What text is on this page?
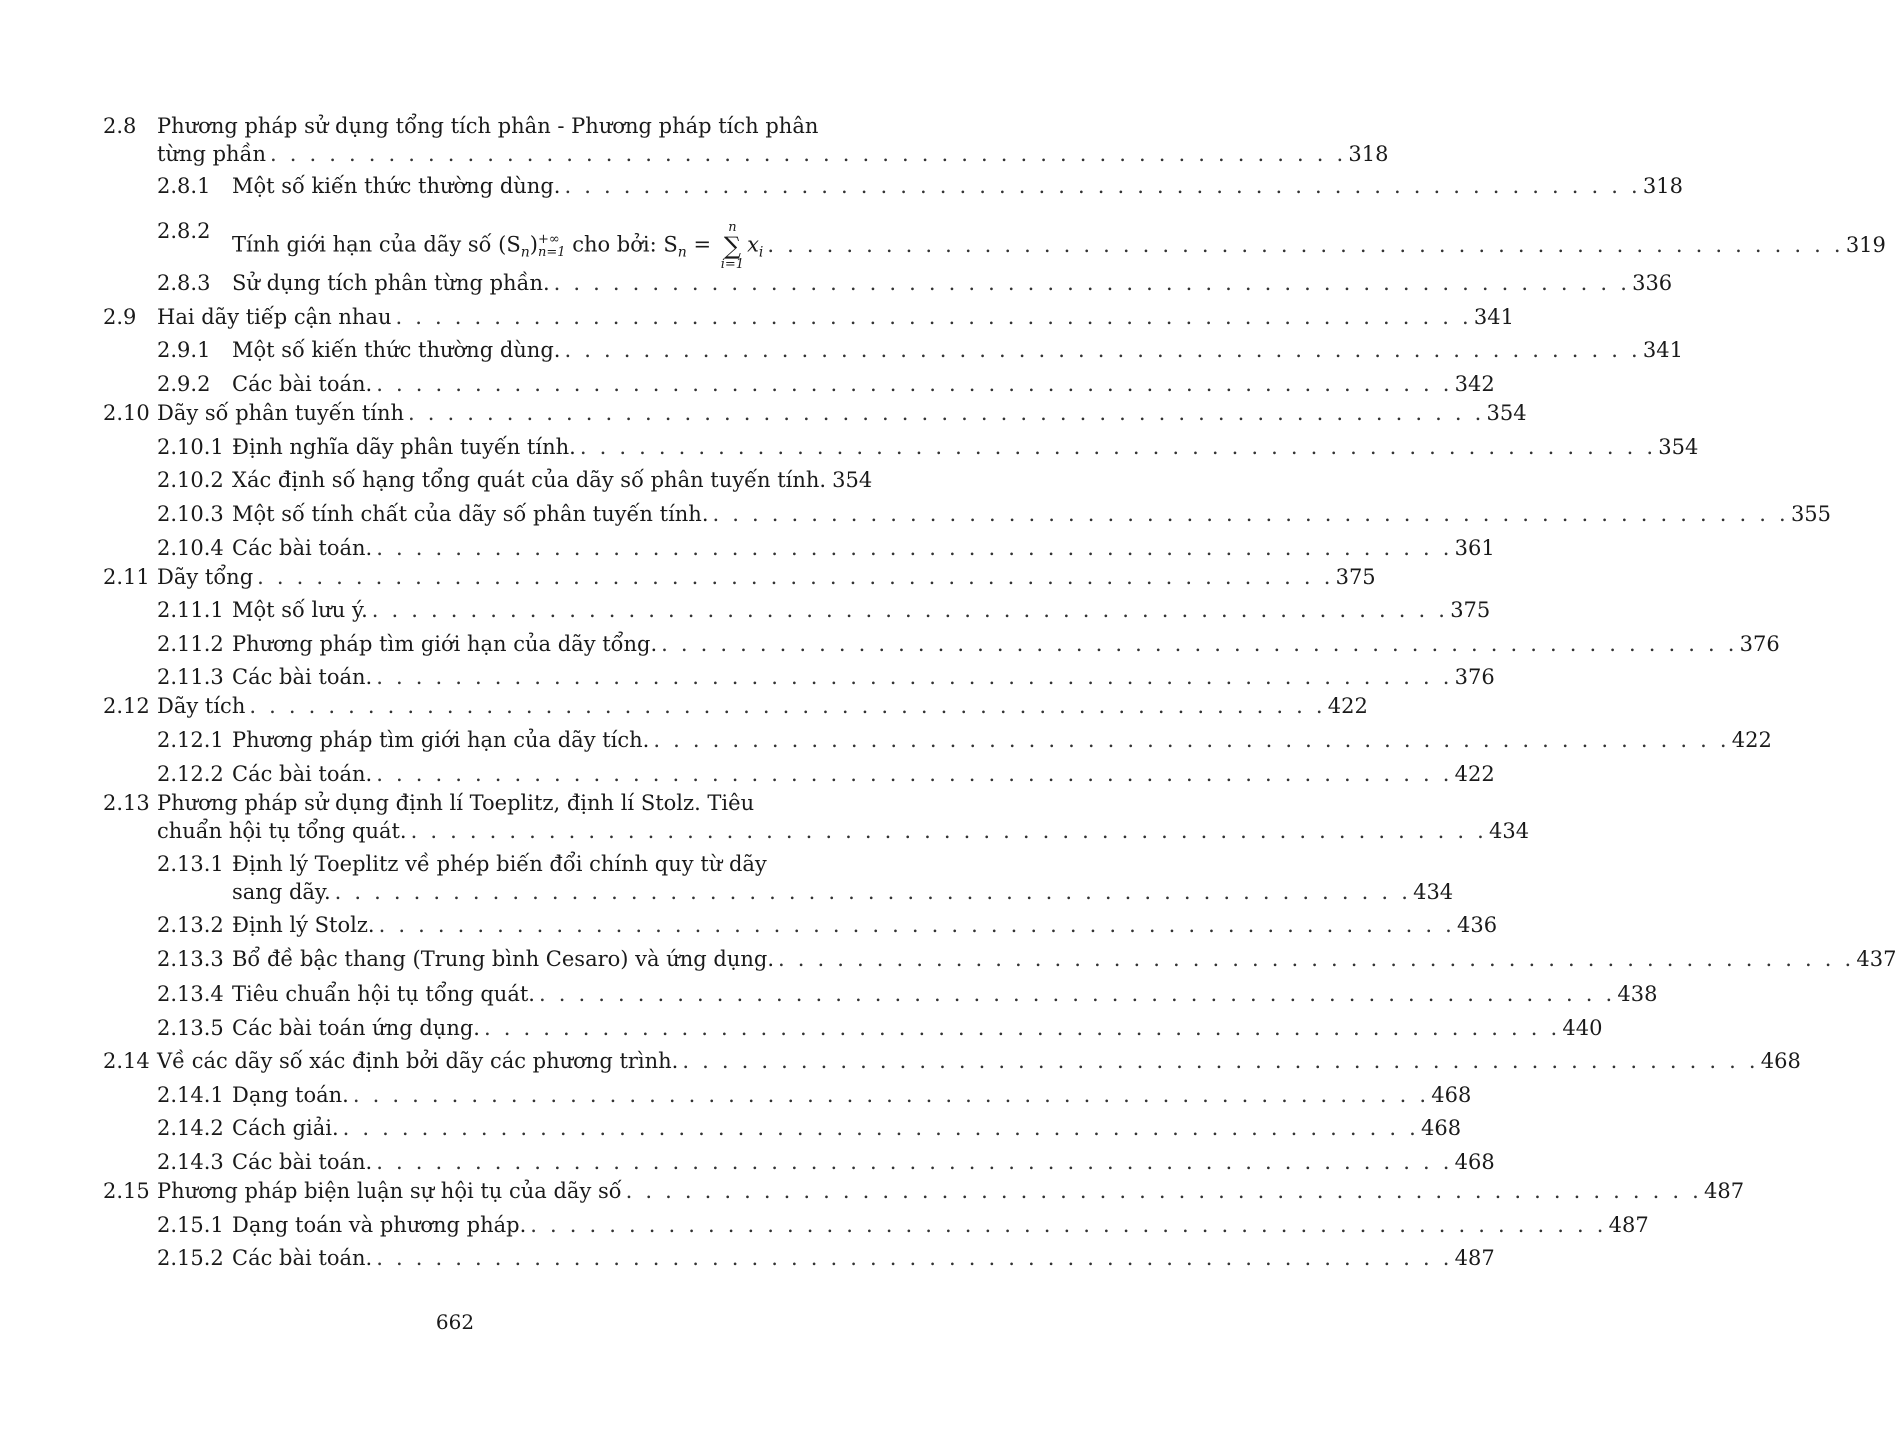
2.8 Phương pháp sử dụng tổng tích phân - Phương pháp tích phân
từng phần . . . . . . . . . . . . . . . . . . . . . . . . . . . . . . . . . . . . . . . . . . . . . . . . . . . . . . . 318
2.8.1 Một số kiến thức thường dùng. . . . . . . . . . . . . . . . . . . . . . . . . . . . . . . . . . . . . . . . . . . . . . . . . . . . . . . . 318
2.8.2
Tính giới hạn của dãy số $(S_n)$ +∞
n=1 cho bởi: $S_n$ =
n
∑
i=1
$x_i$ . . . . . . . . . . . . . . . . . . . . . . . . . . . . . . . . . . . . . . . . . . . . . . . . . . . . . . . 319
2.8.3 Sử dụng tích phân từng phần. . . . . . . . . . . . . . . . . . . . . . . . . . . . . . . . . . . . . . . . . . . . . . . . . . . . . . . . 336
2.9 Hai dãy tiếp cận nhau . . . . . . . . . . . . . . . . . . . . . . . . . . . . . . . . . . . . . . . . . . . . . . . . . . . . . . . 341
2.9.1 Một số kiến thức thường dùng. . . . . . . . . . . . . . . . . . . . . . . . . . . . . . . . . . . . . . . . . . . . . . . . . . . . . . . . 341
2.9.2 Các bài toán. . . . . . . . . . . . . . . . . . . . . . . . . . . . . . . . . . . . . . . . . . . . . . . . . . . . . . . . 342
2.10 Dãy số phân tuyến tính . . . . . . . . . . . . . . . . . . . . . . . . . . . . . . . . . . . . . . . . . . . . . . . . . . . . . . . 354
2.10.1 Định nghĩa dãy phân tuyến tính. . . . . . . . . . . . . . . . . . . . . . . . . . . . . . . . . . . . . . . . . . . . . . . . . . . . . . . . 354
2.10.2 Xác định số hạng tổng quát của dãy số phân tuyến tính. 354
2.10.3 Một số tính chất của dãy số phân tuyến tính. . . . . . . . . . . . . . . . . . . . . . . . . . . . . . . . . . . . . . . . . . . . . . . . . . . . . . . . 355
2.10.4 Các bài toán. . . . . . . . . . . . . . . . . . . . . . . . . . . . . . . . . . . . . . . . . . . . . . . . . . . . . . . . 361
2.11 Dãy tổng . . . . . . . . . . . . . . . . . . . . . . . . . . . . . . . . . . . . . . . . . . . . . . . . . . . . . . . 375
2.11.1 Một số lưu ý. . . . . . . . . . . . . . . . . . . . . . . . . . . . . . . . . . . . . . . . . . . . . . . . . . . . . . . . 375
2.11.2 Phương pháp tìm giới hạn của dãy tổng. . . . . . . . . . . . . . . . . . . . . . . . . . . . . . . . . . . . . . . . . . . . . . . . . . . . . . . . 376
2.11.3 Các bài toán. . . . . . . . . . . . . . . . . . . . . . . . . . . . . . . . . . . . . . . . . . . . . . . . . . . . . . . . 376
2.12 Dãy tích . . . . . . . . . . . . . . . . . . . . . . . . . . . . . . . . . . . . . . . . . . . . . . . . . . . . . . . 422
2.12.1 Phương pháp tìm giới hạn của dãy tích. . . . . . . . . . . . . . . . . . . . . . . . . . . . . . . . . . . . . . . . . . . . . . . . . . . . . . . . 422
2.12.2 Các bài toán. . . . . . . . . . . . . . . . . . . . . . . . . . . . . . . . . . . . . . . . . . . . . . . . . . . . . . . . 422
2.13 Phương pháp sử dụng định lí Toeplitz, định lí Stolz. Tiêu
chuẩn hội tụ tổng quát. . . . . . . . . . . . . . . . . . . . . . . . . . . . . . . . . . . . . . . . . . . . . . . . . . . . . . . . 434
2.13.1 Định lý Toeplitz về phép biến đổi chính quy từ dãy
sang dãy. . . . . . . . . . . . . . . . . . . . . . . . . . . . . . . . . . . . . . . . . . . . . . . . . . . . . . . . 434
2.13.2 Định lý Stolz. . . . . . . . . . . . . . . . . . . . . . . . . . . . . . . . . . . . . . . . . . . . . . . . . . . . . . . . 436
2.13.3 Bổ đề bậc thang (Trung bình Cesaro) và ứng dụng. . . . . . . . . . . . . . . . . . . . . . . . . . . . . . . . . . . . . . . . . . . . . . . . . . . . . . . . 437
2.13.4 Tiêu chuẩn hội tụ tổng quát. . . . . . . . . . . . . . . . . . . . . . . . . . . . . . . . . . . . . . . . . . . . . . . . . . . . . . . . 438
2.13.5 Các bài toán ứng dụng. . . . . . . . . . . . . . . . . . . . . . . . . . . . . . . . . . . . . . . . . . . . . . . . . . . . . . . . 440
2.14 Về các dãy số xác định bởi dãy các phương trình. . . . . . . . . . . . . . . . . . . . . . . . . . . . . . . . . . . . . . . . . . . . . . . . . . . . . . . . 468
2.14.1 Dạng toán. . . . . . . . . . . . . . . . . . . . . . . . . . . . . . . . . . . . . . . . . . . . . . . . . . . . . . . . 468
2.14.2 Cách giải. . . . . . . . . . . . . . . . . . . . . . . . . . . . . . . . . . . . . . . . . . . . . . . . . . . . . . . . 468
2.14.3 Các bài toán. . . . . . . . . . . . . . . . . . . . . . . . . . . . . . . . . . . . . . . . . . . . . . . . . . . . . . . . 468
2.15 Phương pháp biện luận sự hội tụ của dãy số . . . . . . . . . . . . . . . . . . . . . . . . . . . . . . . . . . . . . . . . . . . . . . . . . . . . . . . 487
2.15.1 Dạng toán và phương pháp. . . . . . . . . . . . . . . . . . . . . . . . . . . . . . . . . . . . . . . . . . . . . . . . . . . . . . . . 487
2.15.2 Các bài toán. . . . . . . . . . . . . . . . . . . . . . . . . . . . . . . . . . . . . . . . . . . . . . . . . . . . . . . . 487
662
